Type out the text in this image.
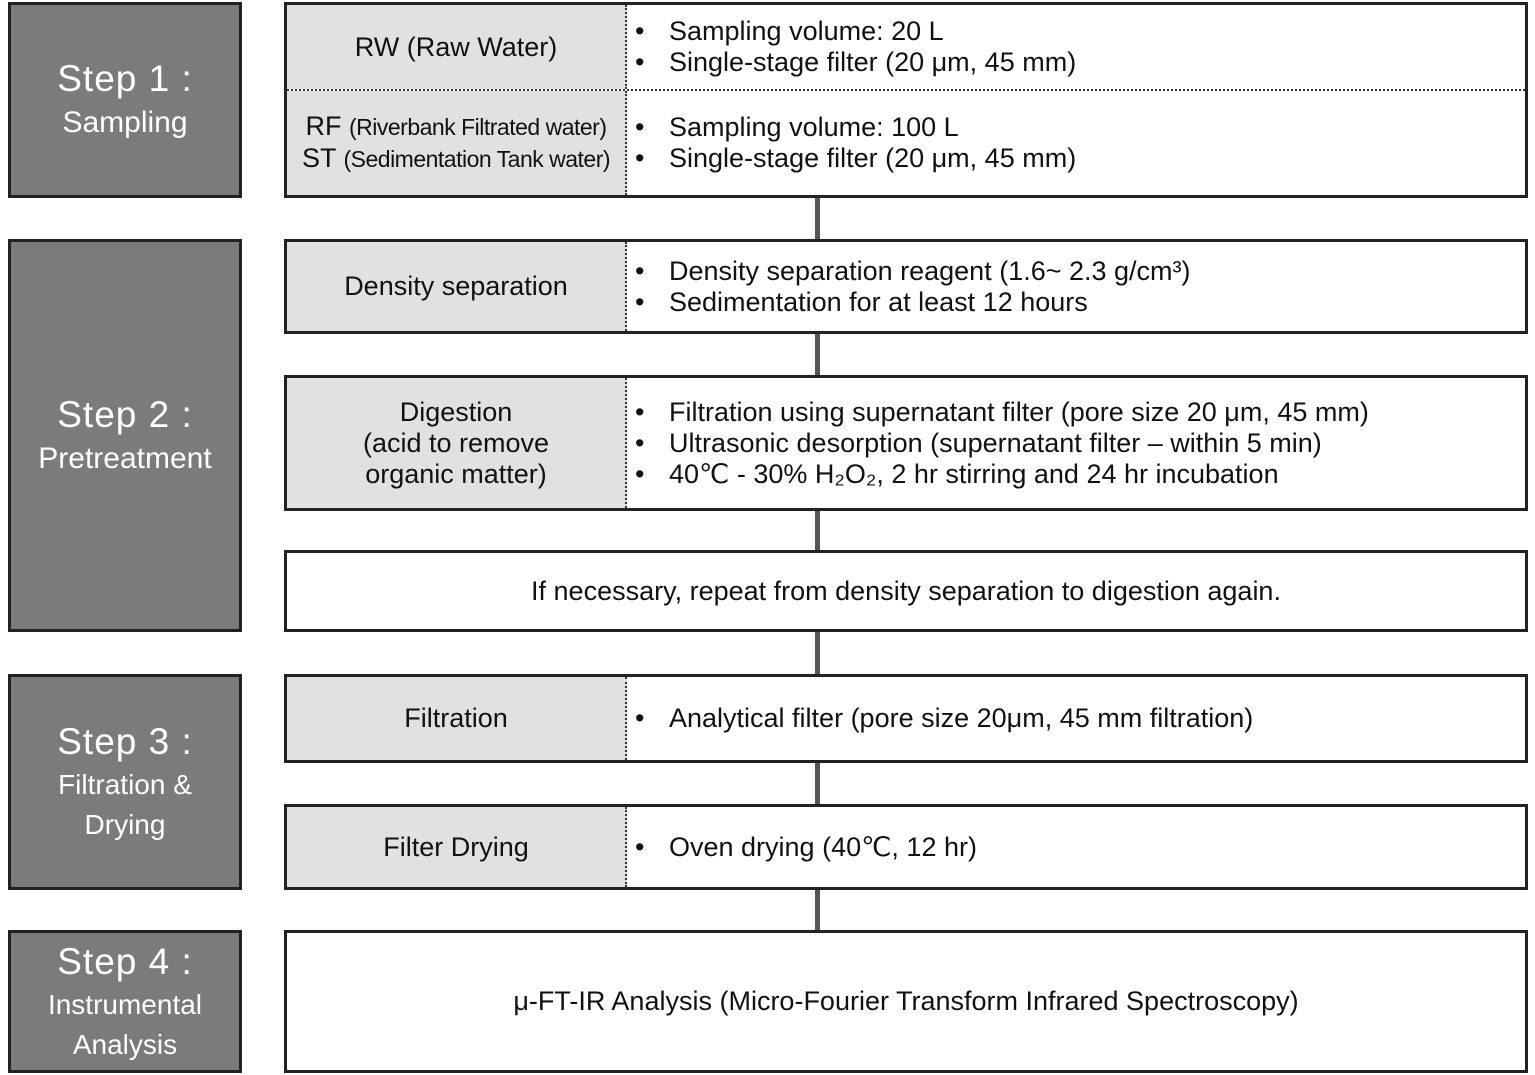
Step 1 :
Sampling
Step 2 :
Pretreatment
Step 3 :
Filtration &
Drying
Step 4 :
Instrumental
Analysis
RW (Raw Water)
• Sampling volume: 20 L
• Single-stage filter (20 μm, 45 mm)
RF (Riverbank Filtrated water)
ST (Sedimentation Tank water)
• Sampling volume: 100 L
• Single-stage filter (20 μm, 45 mm)
Density separation
• Density separation reagent (1.6~ 2.3 g/cm³)
• Sedimentation for at least 12 hours
Digestion
(acid to remove
organic matter)
• Filtration using supernatant filter (pore size 20 μm, 45 mm)
• Ultrasonic desorption (supernatant filter – within 5 min)
• 40℃ - 30% H₂O₂, 2 hr stirring and 24 hr incubation
If necessary, repeat from density separation to digestion again.
Filtration	• Analytical filter (pore size 20μm, 45 mm filtration)
Filter Drying	• Oven drying (40℃, 12 hr)
μ-FT-IR Analysis (Micro-Fourier Transform Infrared Spectroscopy)
